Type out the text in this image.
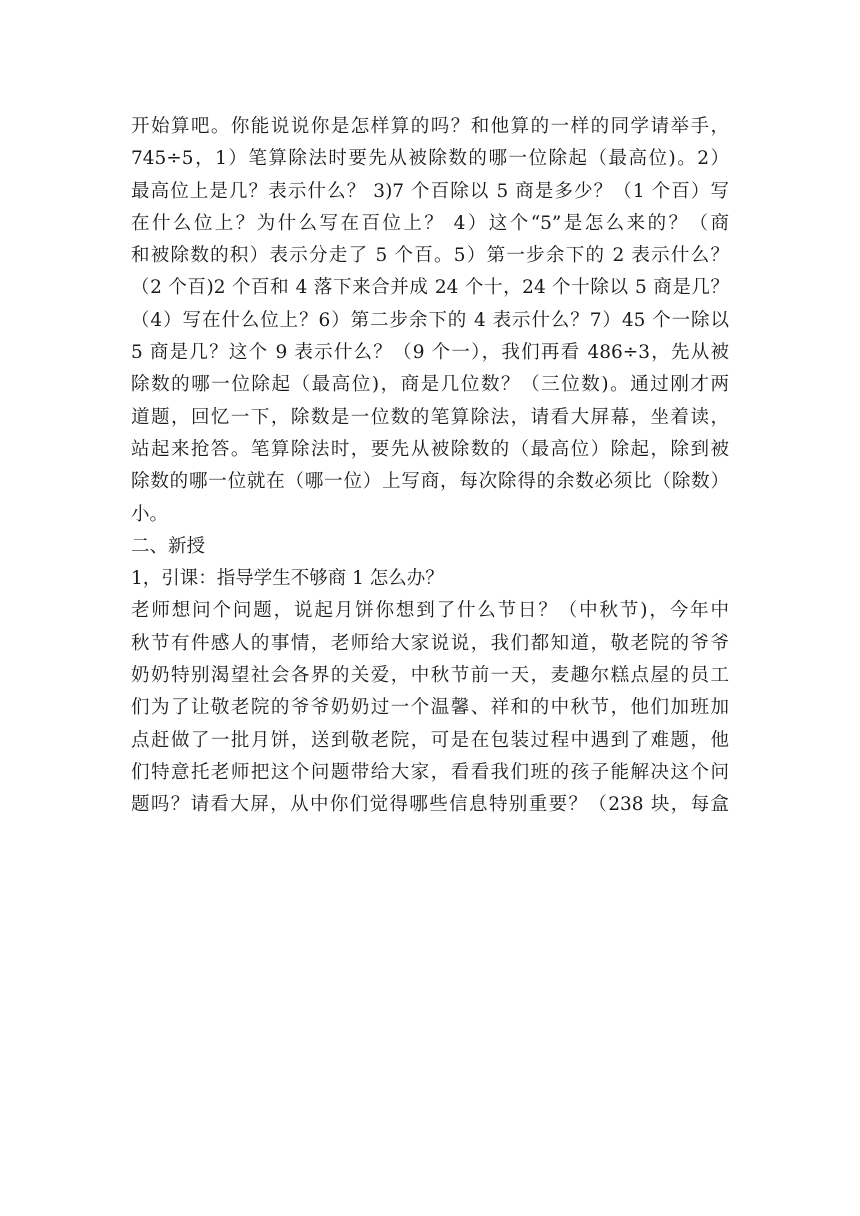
开始算吧。你能说说你是怎样算的吗？和他算的一样的同学请举手，
745÷5，1）笔算除法时要先从被除数的哪一位除起（最高位)。2）
最高位上是几？表示什么？ 3)7 个百除以 5 商是多少？（1 个百）写
在什么位上？为什么写在百位上？ 4）这个“5”是怎么来的？（商
和被除数的积）表示分走了 5 个百。5）第一步余下的 2 表示什么？
（2 个百)2 个百和 4 落下来合并成 24 个十，24 个十除以 5 商是几？
（4）写在什么位上？6）第二步余下的 4 表示什么？7）45 个一除以
5 商是几？这个 9 表示什么？（9 个一），我们再看 486÷3，先从被
除数的哪一位除起（最高位)，商是几位数？（三位数)。通过刚才两
道题，回忆一下，除数是一位数的笔算除法，请看大屏幕，坐着读，
站起来抢答。笔算除法时，要先从被除数的（最高位）除起，除到被
除数的哪一位就在（哪一位）上写商，每次除得的余数必须比（除数）
小。
二、新授
1，引课：指导学生不够商 1 怎么办？
老师想问个问题，说起月饼你想到了什么节日？（中秋节)，今年中
秋节有件感人的事情，老师给大家说说，我们都知道，敬老院的爷爷
奶奶特别渴望社会各界的关爱，中秋节前一天，麦趣尔糕点屋的员工
们为了让敬老院的爷爷奶奶过一个温馨、祥和的中秋节，他们加班加
点赶做了一批月饼，送到敬老院，可是在包装过程中遇到了难题，他
们特意托老师把这个问题带给大家，看看我们班的孩子能解决这个问
题吗？请看大屏，从中你们觉得哪些信息特别重要？（238 块，每盒
